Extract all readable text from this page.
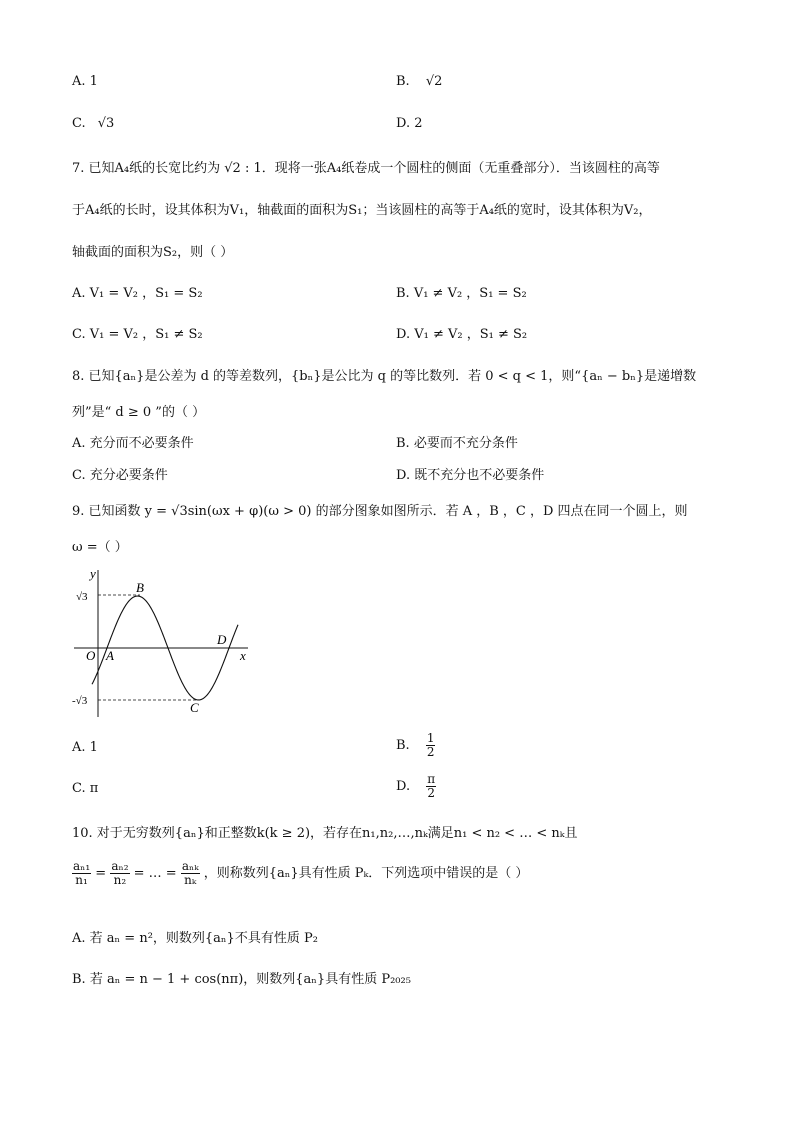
A. 1	B. √2
C. √3	D. 2
7. 已知A₄纸的长宽比约为 √2 : 1．现将一张A₄纸卷成一个圆柱的侧面（无重叠部分）．当该圆柱的高等
于A₄纸的长时，设其体积为V₁，轴截面的面积为S₁；当该圆柱的高等于A₄纸的宽时，设其体积为V₂，
轴截面的面积为S₂，则（ ）
A. V₁ = V₂ ，S₁ = S₂	B. V₁ ≠ V₂ ，S₁ = S₂
C. V₁ = V₂ ，S₁ ≠ S₂	D. V₁ ≠ V₂ ，S₁ ≠ S₂
8. 已知{aₙ}是公差为 d 的等差数列，{bₙ}是公比为 q 的等比数列．若 0 < q < 1，则“{aₙ − bₙ}是递增数
列”是“ d ≥ 0 ”的（ ）
A. 充分而不必要条件	B. 必要而不充分条件
C. 充分必要条件	D. 既不充分也不必要条件
9. 已知函数 y = √3sin(ωx + φ)(ω > 0) 的部分图象如图所示．若 A ，B ，C ，D 四点在同一个圆上，则
ω =（ ）
y
x
O A
B
C
D
√3
-√3
A. 1	B. $\frac{1}{2}$
C. π	D. $\frac{\pi}{2}$
10. 对于无穷数列{aₙ}和正整数k(k ≥ 2)，若存在n₁,n₂,…,nₖ满足n₁ < n₂ < … < nₖ且
$\frac{\text{aₙ₁}}{\text{n₁}} = \frac{\text{aₙ₂}}{\text{n₂}}$ = … = $\frac{\text{aₙₖ}}{\text{nₖ}}$ ，则称数列{aₙ}具有性质 Pₖ．下列选项中错误的是（ ）
A. 若 aₙ = n²，则数列{aₙ}不具有性质 P₂
B. 若 aₙ = n − 1 + cos(nπ)，则数列{aₙ}具有性质 P₂₀₂₅
